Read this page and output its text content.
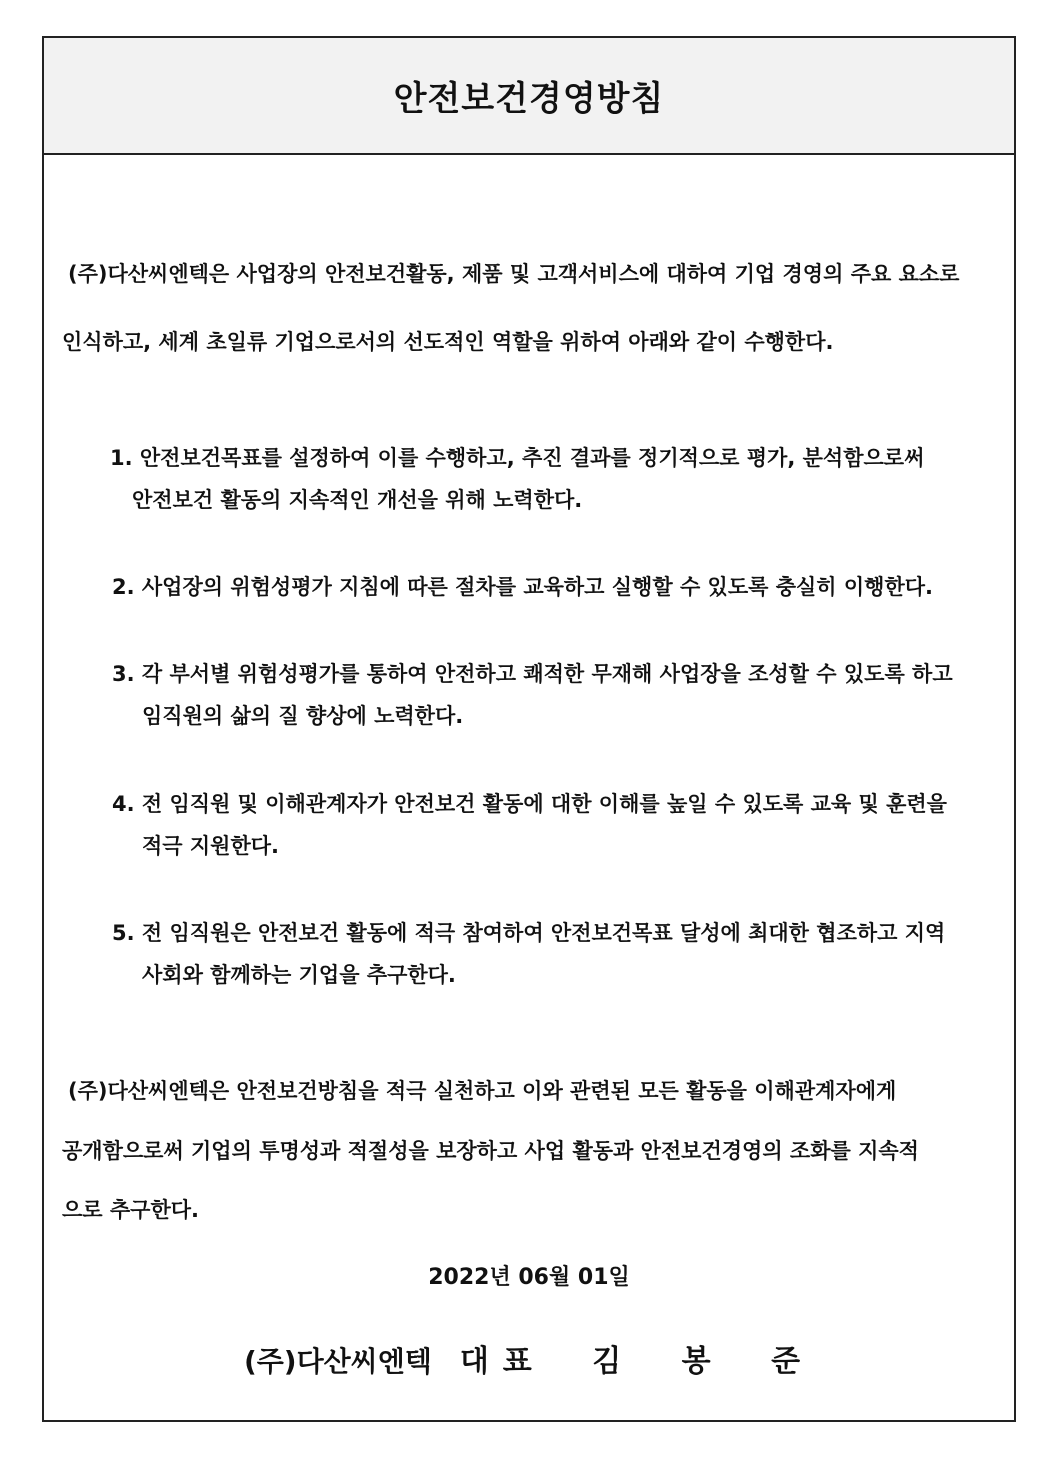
안전보건경영방침

(주)다산씨엔텍은 사업장의 안전보건활동, 제품 및 고객서비스에 대하여 기업 경영의 주요 요소로

인식하고, 세계 초일류 기업으로서의 선도적인 역할을 위하여 아래와 같이 수행한다.

1. 안전보건목표를 설정하여 이를 수행하고, 추진 결과를 정기적으로 평가, 분석함으로써

안전보건 활동의 지속적인 개선을 위해 노력한다.

2. 사업장의 위험성평가 지침에 따른 절차를 교육하고 실행할 수 있도록 충실히 이행한다.

3. 각 부서별 위험성평가를 통하여 안전하고 쾌적한 무재해 사업장을 조성할 수 있도록 하고

임직원의 삶의 질 향상에 노력한다.

4. 전 임직원 및 이해관계자가 안전보건 활동에 대한 이해를 높일 수 있도록 교육 및 훈련을

적극 지원한다.

5. 전 임직원은 안전보건 활동에 적극 참여하여 안전보건목표 달성에 최대한 협조하고 지역

사회와 함께하는 기업을 추구한다.

(주)다산씨엔텍은 안전보건방침을 적극 실천하고 이와 관련된 모든 활동을 이해관계자에게

공개함으로써 기업의 투명성과 적절성을 보장하고 사업 활동과 안전보건경영의 조화를 지속적

으로 추구한다.

2022년 06월 01일

(주)다산씨엔텍 대표 김 봉 준
